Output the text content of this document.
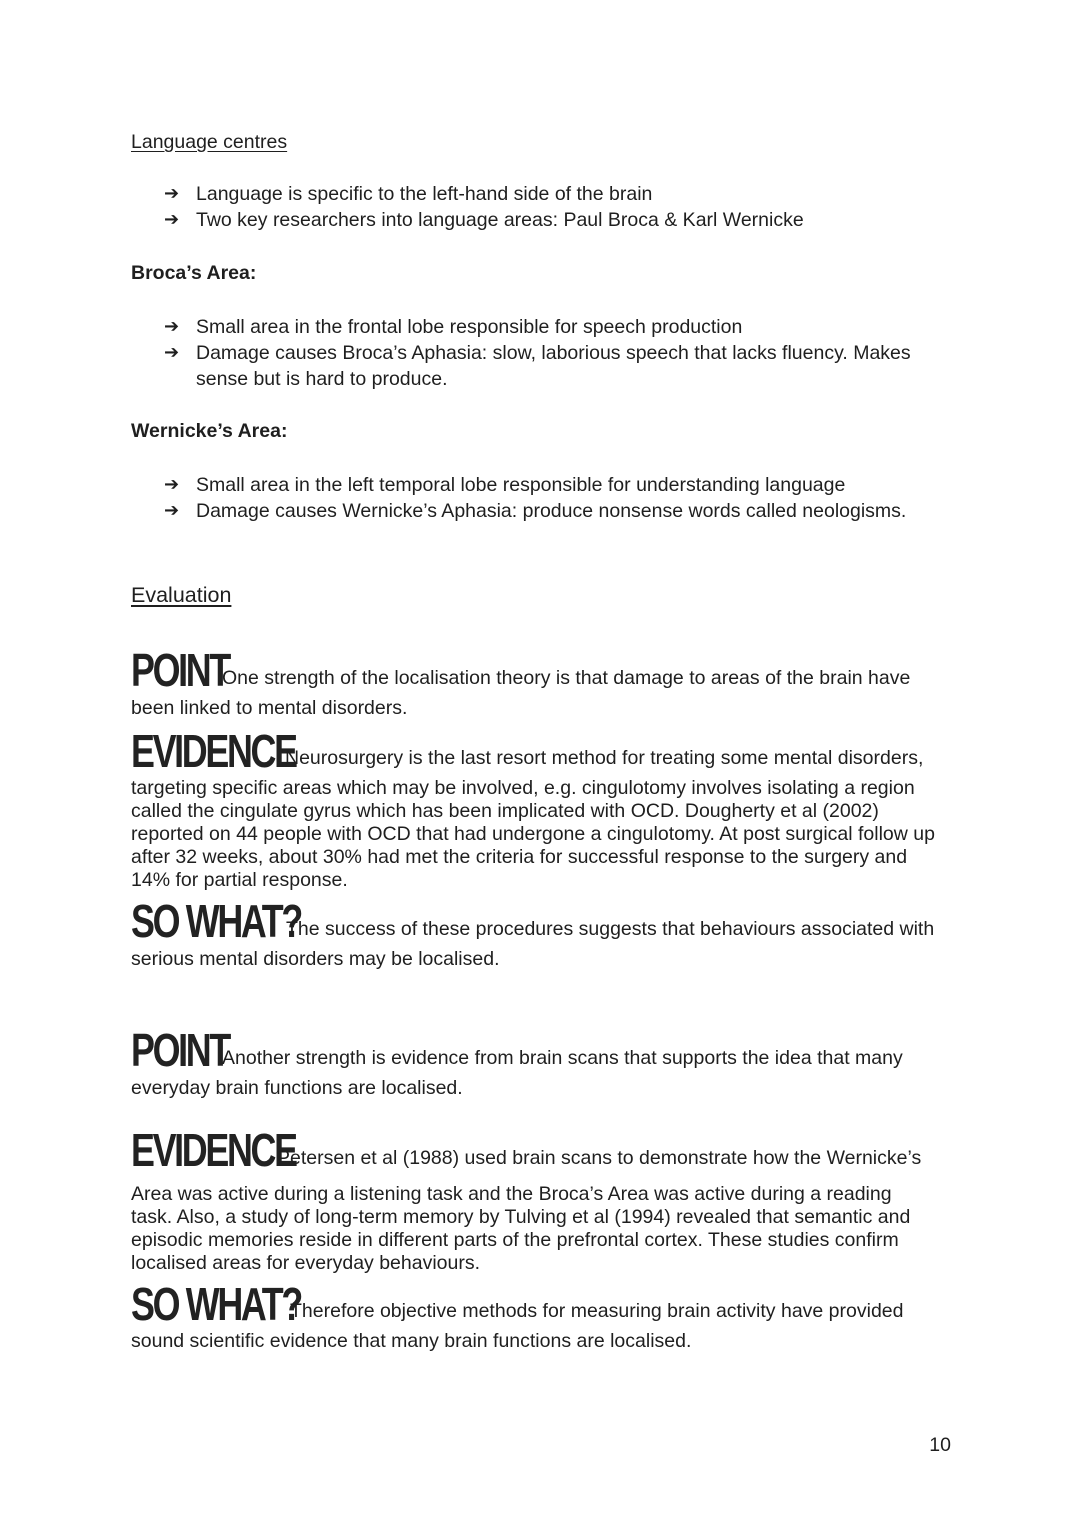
Language centres
➔ Language is specific to the left-hand side of the brain
➔ Two key researchers into language areas: Paul Broca & Karl Wernicke
Broca’s Area:
➔ Small area in the frontal lobe responsible for speech production
➔ Damage causes Broca’s Aphasia: slow, laborious speech that lacks fluency. Makes sense but is hard to produce.
Wernicke’s Area:
➔ Small area in the left temporal lobe responsible for understanding language
➔ Damage causes Wernicke’s Aphasia: produce nonsense words called neologisms.
Evaluation
POINT
One strength of the localisation theory is that damage to areas of the brain have
been linked to mental disorders.
EVIDENCE
Neurosurgery is the last resort method for treating some mental disorders,
targeting specific areas which may be involved, e.g. cingulotomy involves isolating a region called the cingulate gyrus which has been implicated with OCD. Dougherty et al (2002) reported on 44 people with OCD that had undergone a cingulotomy. At post surgical follow up after 32 weeks, about 30% had met the criteria for successful response to the surgery and 14% for partial response.
SO WHAT?
The success of these procedures suggests that behaviours associated with
serious mental disorders may be localised.
POINT
Another strength is evidence from brain scans that supports the idea that many
everyday brain functions are localised.
EVIDENCE
Petersen et al (1988) used brain scans to demonstrate how the Wernicke’s
Area was active during a listening task and the Broca’s Area was active during a reading task. Also, a study of long-term memory by Tulving et al (1994) revealed that semantic and episodic memories reside in different parts of the prefrontal cortex. These studies confirm localised areas for everyday behaviours.
SO WHAT?
Therefore objective methods for measuring brain activity have provided
sound scientific evidence that many brain functions are localised.
10
